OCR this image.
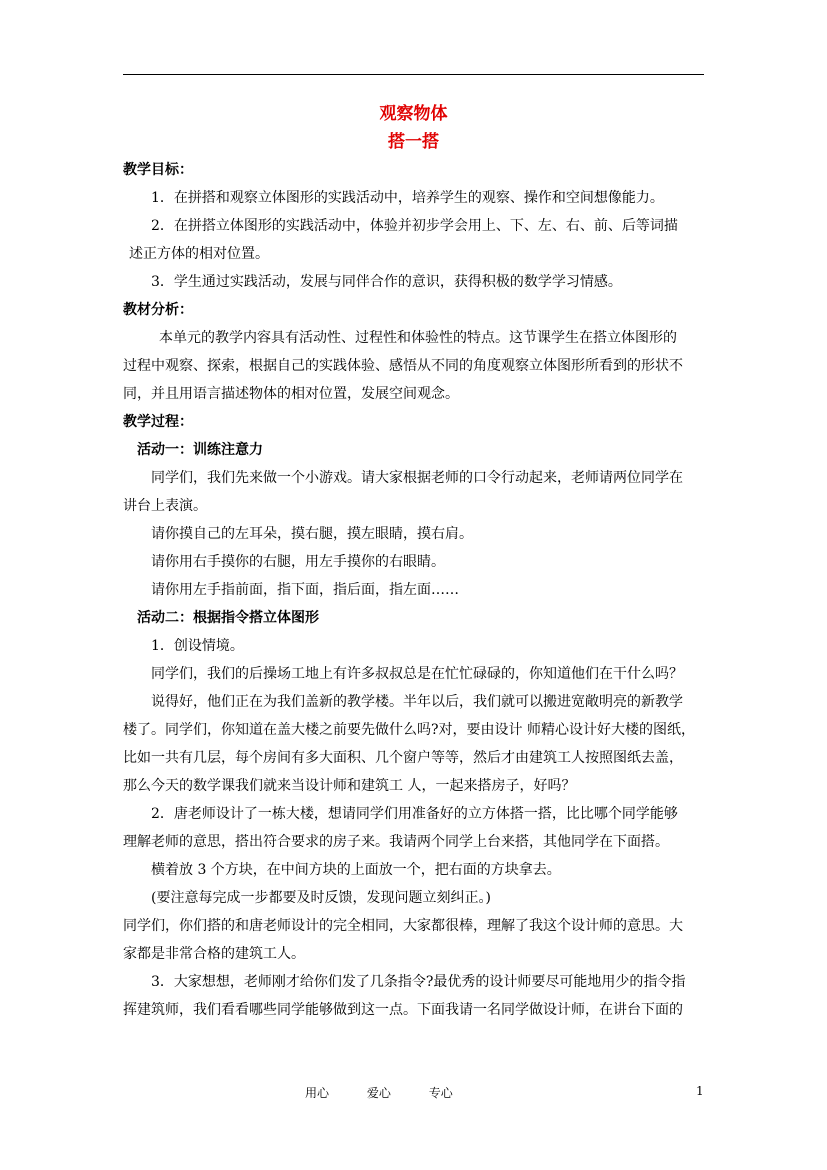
观察物体

搭一搭

教学目标：

1．在拼搭和观察立体图形的实践活动中，培养学生的观察、操作和空间想像能力。

2．在拼搭立体图形的实践活动中，体验并初步学会用上、下、左、右、前、后等词描

述正方体的相对位置。

3．学生通过实践活动，发展与同伴合作的意识，获得积极的数学学习情感。

教材分析：

本单元的教学内容具有活动性、过程性和体验性的特点。这节课学生在搭立体图形的

过程中观察、探索，根据自己的实践体验、感悟从不同的角度观察立体图形所看到的形状不

同，并且用语言描述物体的相对位置，发展空间观念。

教学过程：

活动一：训练注意力

同学们，我们先来做一个小游戏。请大家根据老师的口令行动起来，老师请两位同学在

讲台上表演。

请你摸自己的左耳朵，摸右腿，摸左眼睛，摸右肩。

请你用右手摸你的右腿，用左手摸你的右眼睛。

请你用左手指前面，指下面，指后面，指左面……

活动二：根据指令搭立体图形

1．创设情境。

同学们，我们的后操场工地上有许多叔叔总是在忙忙碌碌的，你知道他们在干什么吗？

说得好，他们正在为我们盖新的教学楼。半年以后，我们就可以搬进宽敞明亮的新教学

楼了。同学们，你知道在盖大楼之前要先做什么吗?对，要由设计 师精心设计好大楼的图纸，

比如一共有几层，每个房间有多大面积、几个窗户等等，然后才由建筑工人按照图纸去盖，

那么今天的数学课我们就来当设计师和建筑工 人，一起来搭房子，好吗？

2．唐老师设计了一栋大楼，想请同学们用准备好的立方体搭一搭，比比哪个同学能够

理解老师的意思，搭出符合要求的房子来。我请两个同学上台来搭，其他同学在下面搭。

横着放 3 个方块，在中间方块的上面放一个，把右面的方块拿去。

(要注意每完成一步都要及时反馈，发现问题立刻纠正。)

同学们，你们搭的和唐老师设计的完全相同，大家都很棒，理解了我这个设计师的意思。大

家都是非常合格的建筑工人。

3．大家想想，老师刚才给你们发了几条指令?最优秀的设计师要尽可能地用少的指令指

挥建筑师，我们看看哪些同学能够做到这一点。下面我请一名同学做设计师，在讲台下面的

用心	爱心	专心	1
